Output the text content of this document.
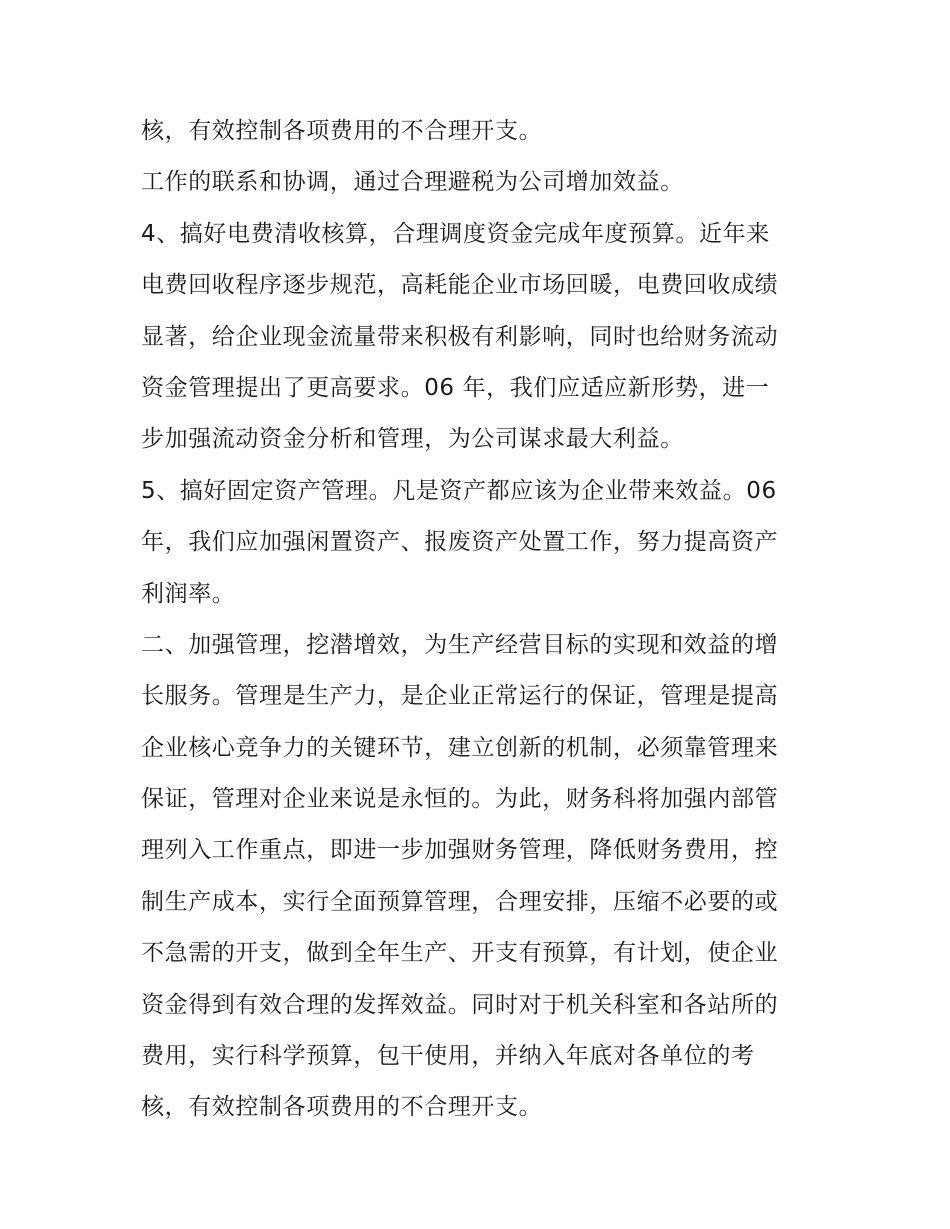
核，有效控制各项费用的不合理开支。
工作的联系和协调，通过合理避税为公司增加效益。
4、搞好电费清收核算，合理调度资金完成年度预算。近年来
电费回收程序逐步规范，高耗能企业市场回暖，电费回收成绩
显著，给企业现金流量带来积极有利影响，同时也给财务流动
资金管理提出了更高要求。06 年，我们应适应新形势，进一
步加强流动资金分析和管理，为公司谋求最大利益。
5、搞好固定资产管理。凡是资产都应该为企业带来效益。06
年，我们应加强闲置资产、报废资产处置工作，努力提高资产
利润率。
二、加强管理，挖潜增效，为生产经营目标的实现和效益的增
长服务。管理是生产力，是企业正常运行的保证，管理是提高
企业核心竞争力的关键环节，建立创新的机制，必须靠管理来
保证，管理对企业来说是永恒的。为此，财务科将加强内部管
理列入工作重点，即进一步加强财务管理，降低财务费用，控
制生产成本，实行全面预算管理，合理安排，压缩不必要的或
不急需的开支，做到全年生产、开支有预算，有计划，使企业
资金得到有效合理的发挥效益。同时对于机关科室和各站所的
费用，实行科学预算，包干使用，并纳入年底对各单位的考
核，有效控制各项费用的不合理开支。
